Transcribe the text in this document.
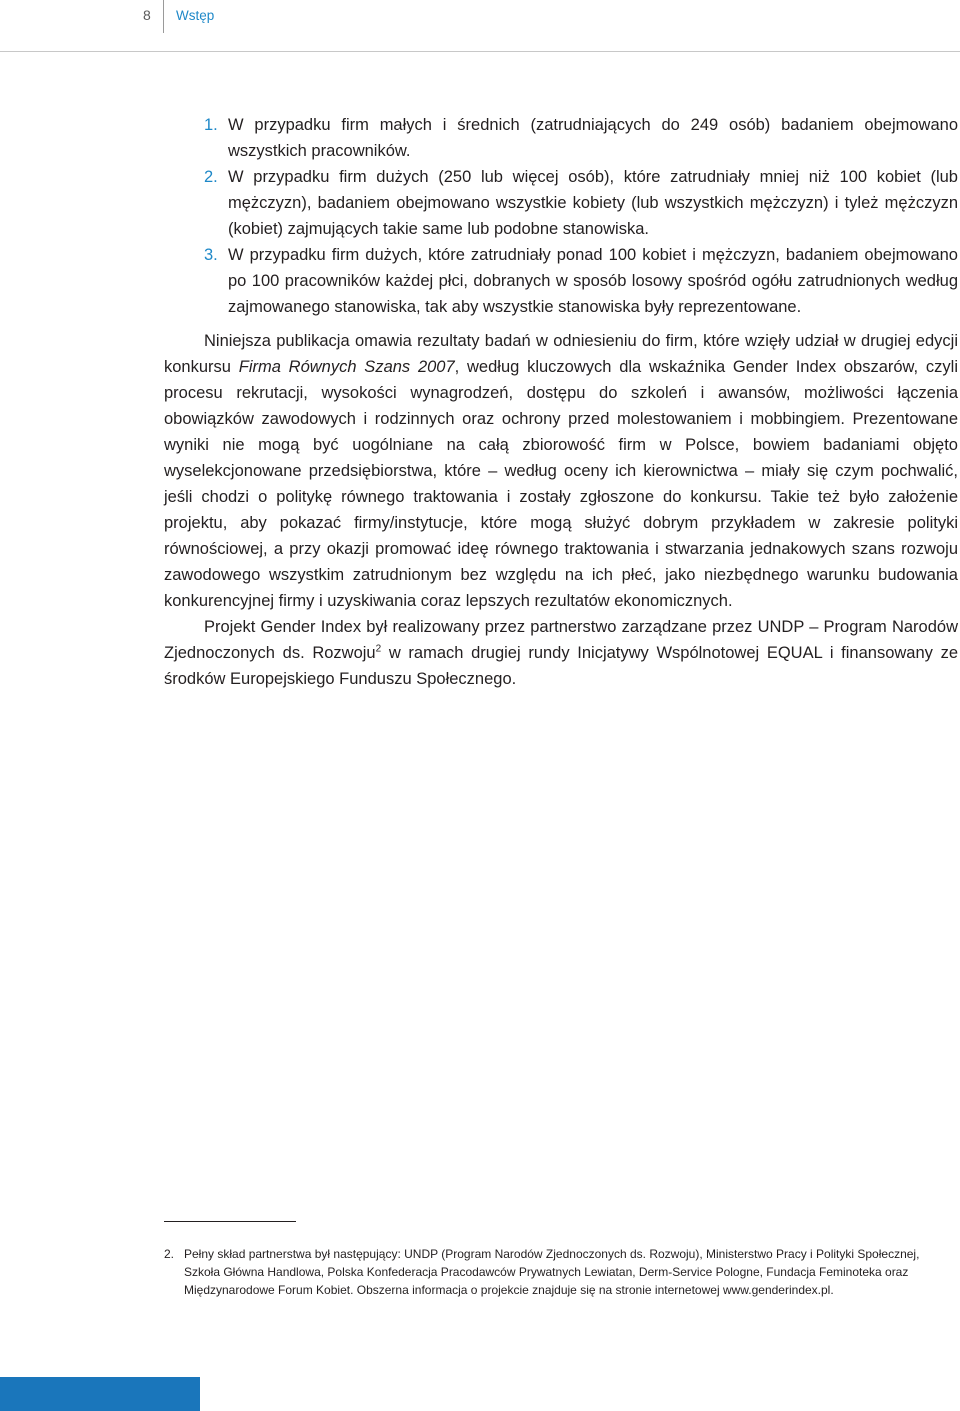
8 Wstęp
1. W przypadku firm małych i średnich (zatrudniających do 249 osób) badaniem obejmowano wszystkich pracowników.
2. W przypadku firm dużych (250 lub więcej osób), które zatrudniały mniej niż 100 kobiet (lub mężczyzn), badaniem obejmowano wszystkie kobiety (lub wszystkich mężczyzn) i tyleż mężczyzn (kobiet) zajmujących takie same lub podobne stanowiska.
3. W przypadku firm dużych, które zatrudniały ponad 100 kobiet i mężczyzn, badaniem obejmowano po 100 pracowników każdej płci, dobranych w sposób losowy spośród ogółu zatrudnionych według zajmowanego stanowiska, tak aby wszystkie stanowiska były reprezentowane.

Niniejsza publikacja omawia rezultaty badań w odniesieniu do firm, które wzięły udział w drugiej edycji konkursu Firma Równych Szans 2007, według kluczowych dla wskaźnika Gender Index obszarów, czyli procesu rekrutacji, wysokości wynagrodzeń, dostępu do szkoleń i awansów, możliwości łączenia obowiązków zawodowych i rodzinnych oraz ochrony przed molestowaniem i mobbingiem. Prezentowane wyniki nie mogą być uogólniane na całą zbiorowość firm w Polsce, bowiem badaniami objęto wyselekcjonowane przedsiębiorstwa, które – według oceny ich kierownictwa – miały się czym pochwalić, jeśli chodzi o politykę równego traktowania i zostały zgłoszone do konkursu. Takie też było założenie projektu, aby pokazać firmy/instytucje, które mogą służyć dobrym przykładem w zakresie polityki równościowej, a przy okazji promować ideę równego traktowania i stwarzania jednakowych szans rozwoju zawodowego wszystkim zatrudnionym bez względu na ich płeć, jako niezbędnego warunku budowania konkurencyjnej firmy i uzyskiwania coraz lepszych rezultatów ekonomicznych.

Projekt Gender Index był realizowany przez partnerstwo zarządzane przez UNDP – Program Narodów Zjednoczonych ds. Rozwoju$^2$ w ramach drugiej rundy Inicjatywy Wspólnotowej EQUAL i finansowany ze środków Europejskiego Funduszu Społecznego.

2. Pełny skład partnerstwa był następujący: UNDP (Program Narodów Zjednoczonych ds. Rozwoju), Ministerstwo Pracy i Polityki Społecznej, Szkoła Główna Handlowa, Polska Konfederacja Pracodawców Prywatnych Lewiatan, Derm-Service Pologne, Fundacja Feminoteka oraz Międzynarodowe Forum Kobiet. Obszerna informacja o projekcie znajduje się na stronie internetowej www.genderindex.pl.
